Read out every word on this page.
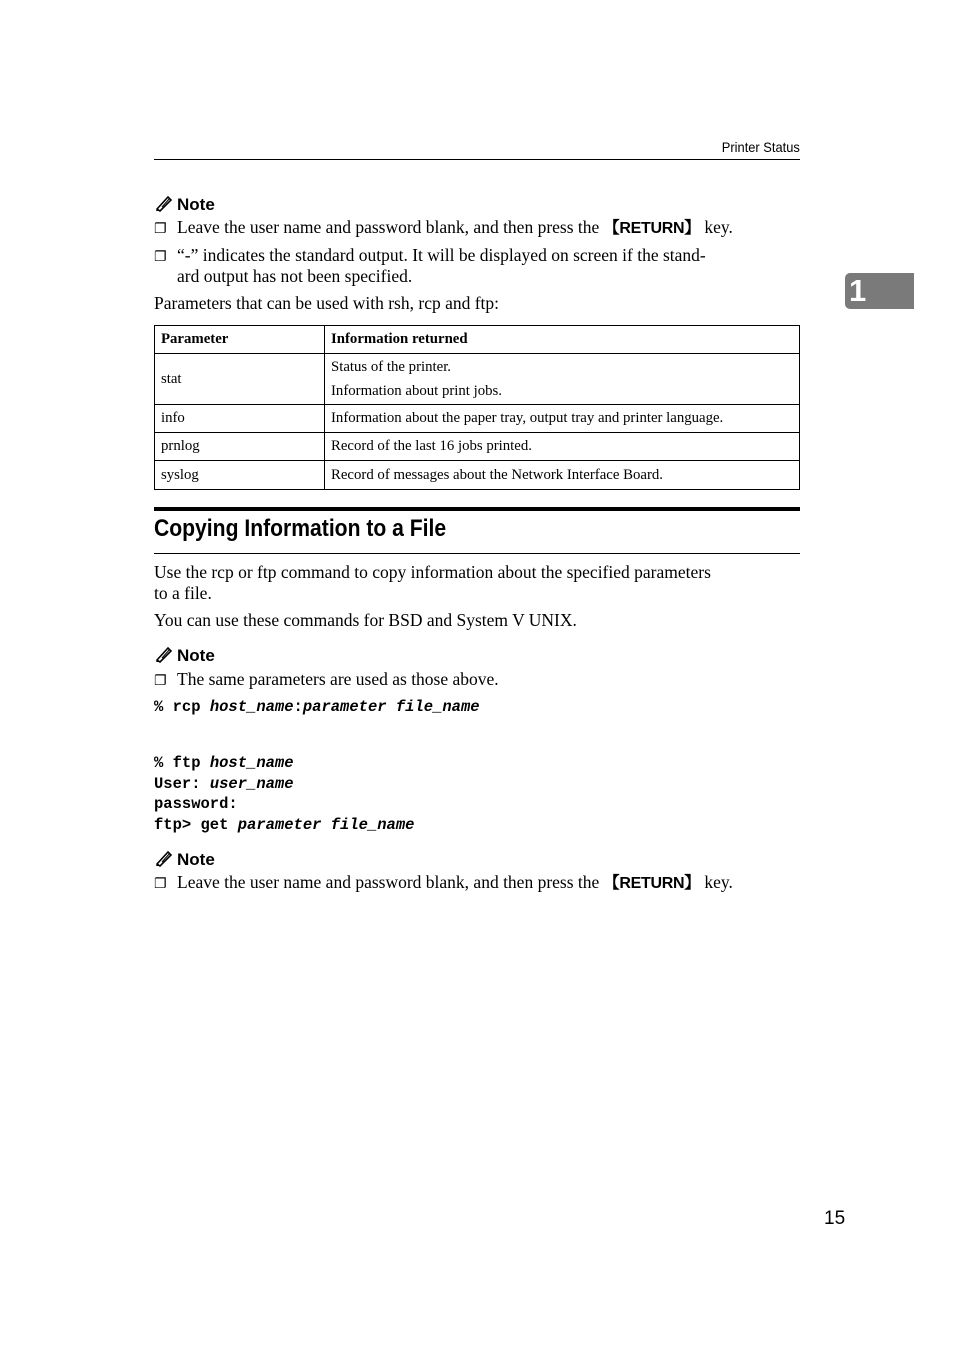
Printer Status
1
Note
❐ Leave the user name and password blank, and then press the 【RETURN】 key.
❐ “-” indicates the standard output. It will be displayed on screen if the stand-
ard output has not been specified.
Parameters that can be used with rsh, rcp and ftp:
Parameter	Information returned
stat	Status of the printer.
Information about print jobs.

info	Information about the paper tray, output tray and printer language.
prnlog	Record of the last 16 jobs printed.
syslog	Record of messages about the Network Interface Board.
Copying Information to a File
Use the rcp or ftp command to copy information about the specified parameters
to a file.
You can use these commands for BSD and System V UNIX.
Note
❐ The same parameters are used as those above.
% rcp host_name:parameter file_name
% ftp host_name
User: user_name
password:
ftp> get parameter file_name
Note
❐ Leave the user name and password blank, and then press the 【RETURN】 key.
15
